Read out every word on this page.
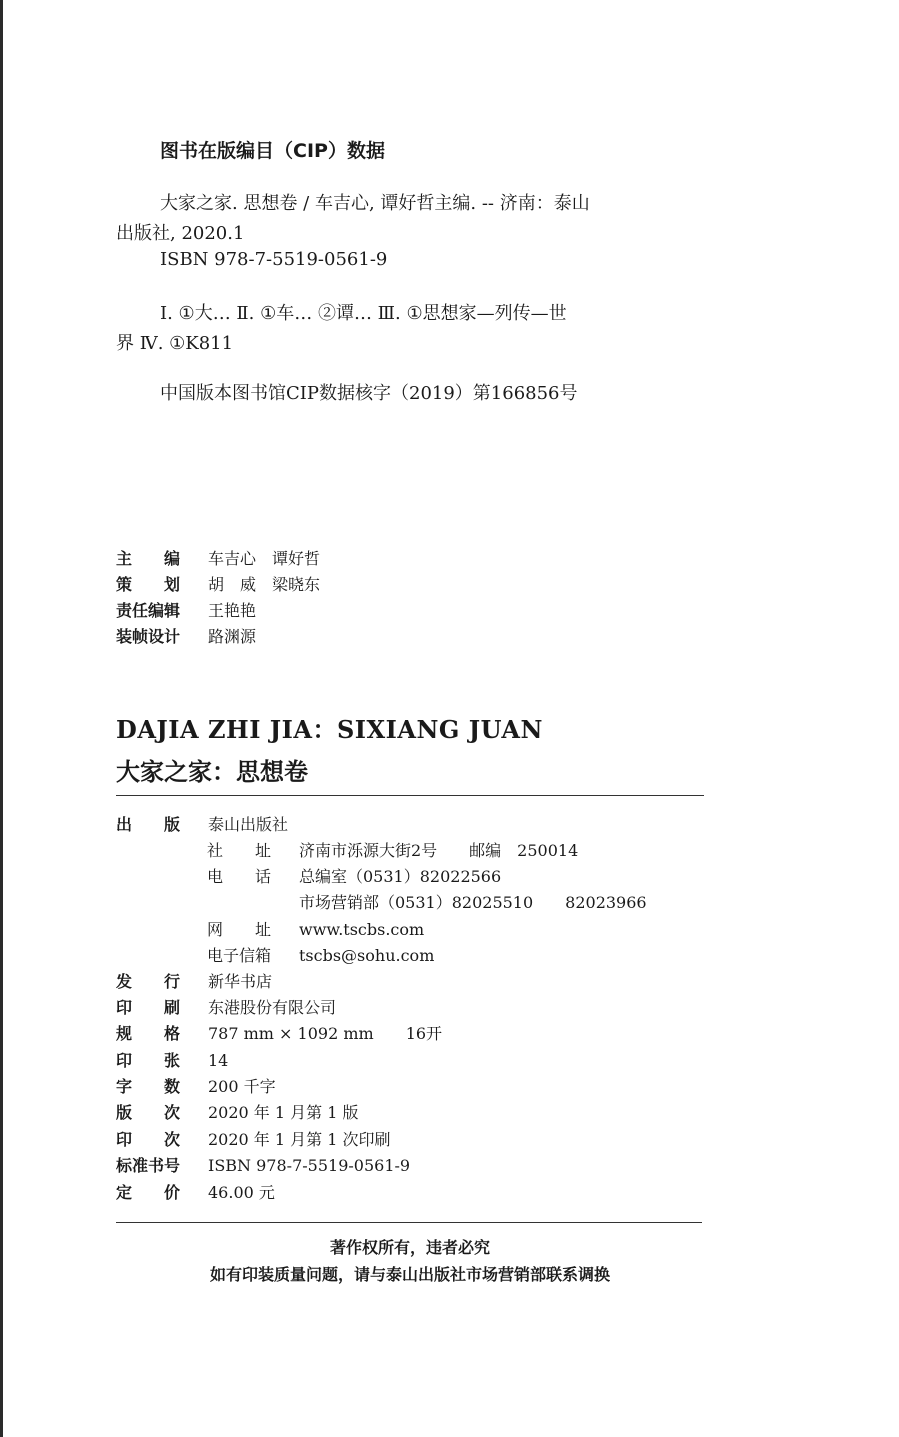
图书在版编目（CIP）数据
大家之家. 思想卷 / 车吉心, 谭好哲主编. -- 济南：泰山
出版社, 2020.1
ISBN 978-7-5519-0561-9
Ⅰ. ①大… Ⅱ. ①车… ②谭… Ⅲ. ①思想家—列传—世
界 Ⅳ. ①K811
中国版本图书馆CIP数据核字（2019）第166856号
主　　编 车吉心　谭好哲
策　　划 胡　威　梁晓东
责任编辑 王艳艳
装帧设计 路渊源
DAJIA ZHI JIA：SIXIANG JUAN
大家之家：思想卷
出　　版 泰山出版社
社　　址 济南市泺源大街2号　　邮编　250014
电　　话 总编室（0531）82022566
市场营销部（0531）82025510　　82023966
网　　址 www.tscbs.com
电子信箱 tscbs@sohu.com
发　　行 新华书店
印　　刷 东港股份有限公司
规　　格 787 mm × 1092 mm　　16开
印　　张 14
字　　数 200 千字
版　　次 2020 年 1 月第 1 版
印　　次 2020 年 1 月第 1 次印刷
标准书号 ISBN 978-7-5519-0561-9
定　　价 46.00 元
著作权所有，违者必究
如有印装质量问题，请与泰山出版社市场营销部联系调换
